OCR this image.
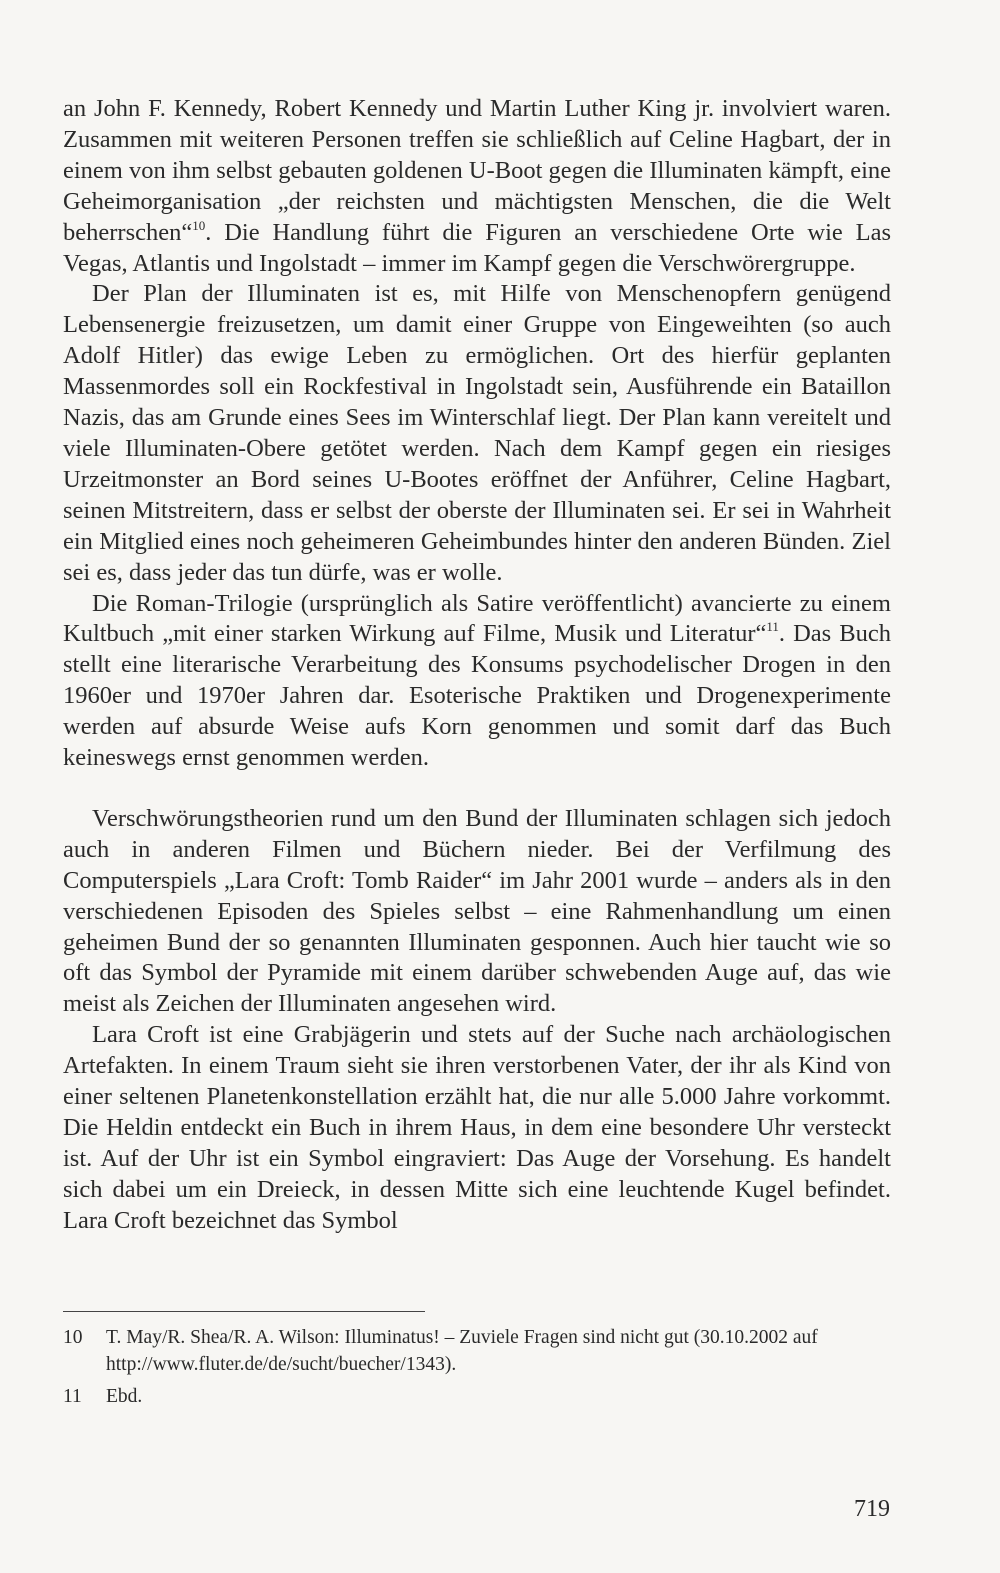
an John F. Kennedy, Robert Kennedy und Martin Luther King jr. involviert waren. Zusammen mit weiteren Personen treffen sie schließlich auf Celine Hagbart, der in einem von ihm selbst gebauten goldenen U-Boot gegen die Illuminaten kämpft, eine Geheimorganisation „der reichsten und mächtigsten Menschen, die die Welt beherrschen“$^{10}$. Die Handlung führt die Figuren an verschiedene Orte wie Las Vegas, Atlantis und Ingolstadt – immer im Kampf gegen die Verschwörergruppe.

Der Plan der Illuminaten ist es, mit Hilfe von Menschenopfern genügend Lebensenergie freizusetzen, um damit einer Gruppe von Eingeweihten (so auch Adolf Hitler) das ewige Leben zu ermöglichen. Ort des hierfür geplanten Massenmordes soll ein Rockfestival in Ingolstadt sein, Ausführende ein Bataillon Nazis, das am Grunde eines Sees im Winterschlaf liegt. Der Plan kann vereitelt und viele Illuminaten-Obere getötet werden. Nach dem Kampf gegen ein riesiges Urzeitmonster an Bord seines U-Bootes eröffnet der Anführer, Celine Hagbart, seinen Mitstreitern, dass er selbst der oberste der Illuminaten sei. Er sei in Wahrheit ein Mitglied eines noch geheimeren Geheimbundes hinter den anderen Bünden. Ziel sei es, dass jeder das tun dürfe, was er wolle.

Die Roman-Trilogie (ursprünglich als Satire veröffentlicht) avancierte zu einem Kultbuch „mit einer starken Wirkung auf Filme, Musik und Literatur“$^{11}$. Das Buch stellt eine literarische Verarbeitung des Konsums psychodelischer Drogen in den 1960er und 1970er Jahren dar. Esoterische Praktiken und Drogenexperimente werden auf absurde Weise aufs Korn genommen und somit darf das Buch keineswegs ernst genommen werden.

Verschwörungstheorien rund um den Bund der Illuminaten schlagen sich jedoch auch in anderen Filmen und Büchern nieder. Bei der Verfilmung des Computerspiels „Lara Croft: Tomb Raider“ im Jahr 2001 wurde – anders als in den verschiedenen Episoden des Spieles selbst – eine Rahmenhandlung um einen geheimen Bund der so genannten Illuminaten gesponnen. Auch hier taucht wie so oft das Symbol der Pyramide mit einem darüber schwebenden Auge auf, das wie meist als Zeichen der Illuminaten angesehen wird.

Lara Croft ist eine Grabjägerin und stets auf der Suche nach archäologischen Artefakten. In einem Traum sieht sie ihren verstorbenen Vater, der ihr als Kind von einer seltenen Planetenkonstellation erzählt hat, die nur alle 5.000 Jahre vorkommt. Die Heldin entdeckt ein Buch in ihrem Haus, in dem eine besondere Uhr versteckt ist. Auf der Uhr ist ein Symbol eingraviert: Das Auge der Vorsehung. Es handelt sich dabei um ein Dreieck, in dessen Mitte sich eine leuchtende Kugel befindet. Lara Croft bezeichnet das Symbol

10	T. May/R. Shea/R. A. Wilson: Illuminatus! – Zuviele Fragen sind nicht gut (30.10.2002 auf http://www.fluter.de/de/sucht/buecher/1343).
11	Ebd.
719
